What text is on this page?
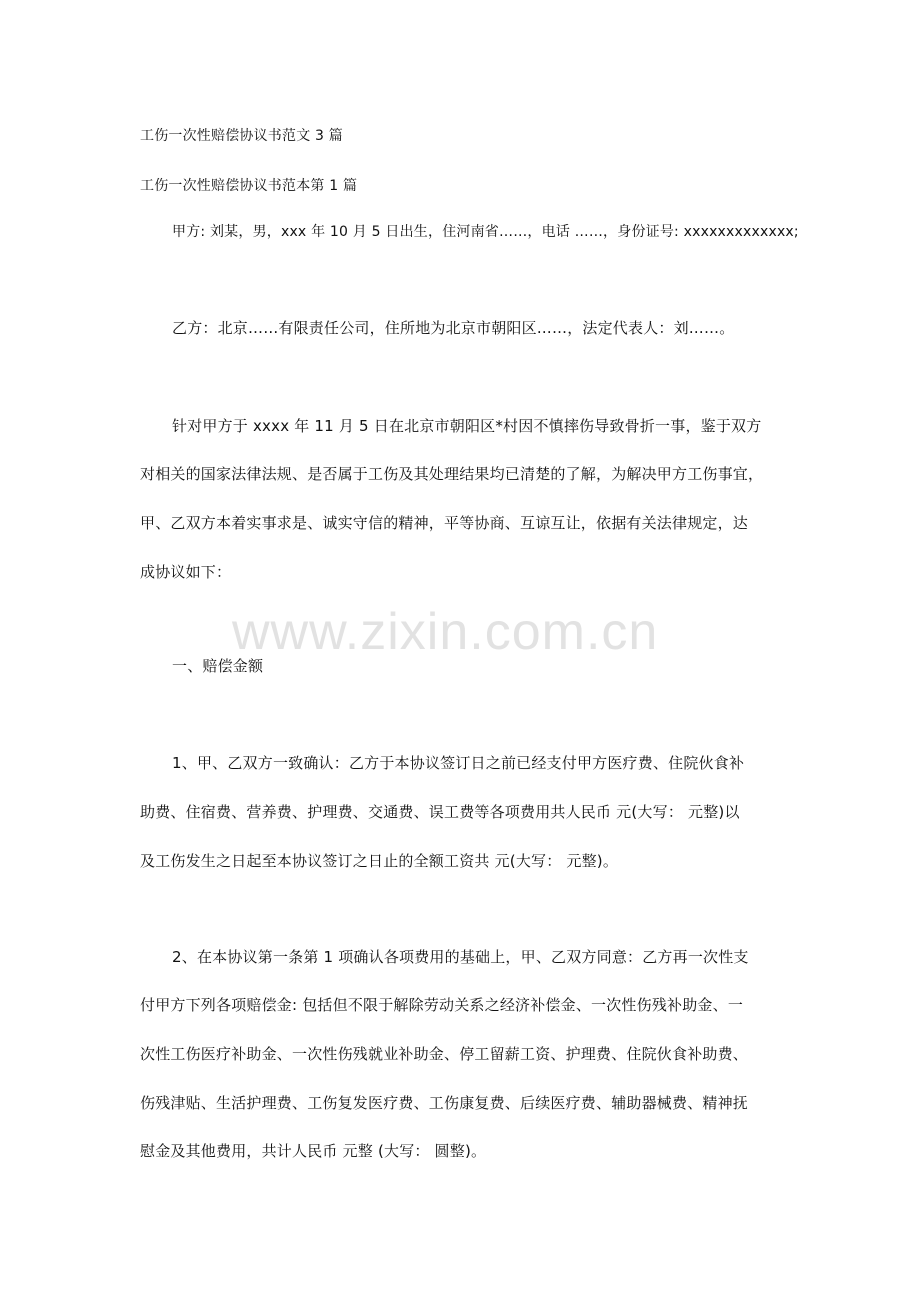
工伤一次性赔偿协议书范文 3 篇
工伤一次性赔偿协议书范本第 1 篇
甲方: 刘某，男，xxx 年 10 月 5 日出生，住河南省……，电话 ……，身份证号: xxxxxxxxxxxxx;
乙方：北京……有限责任公司，住所地为北京市朝阳区……，法定代表人：刘……。
针对甲方于 xxxx 年 11 月 5 日在北京市朝阳区*村因不慎摔伤导致骨折一事，鉴于双方
对相关的国家法律法规、是否属于工伤及其处理结果均已清楚的了解，为解决甲方工伤事宜，
甲、乙双方本着实事求是、诚实守信的精神，平等协商、互谅互让，依据有关法律规定，达
成协议如下：
www.zixin.com.cn
一、赔偿金额
1、甲、乙双方一致确认：乙方于本协议签订日之前已经支付甲方医疗费、住院伙食补
助费、住宿费、营养费、护理费、交通费、误工费等各项费用共人民币 元(大写： 元整)以
及工伤发生之日起至本协议签订之日止的全额工资共 元(大写： 元整)。
2、在本协议第一条第 1 项确认各项费用的基础上，甲、乙双方同意：乙方再一次性支
付甲方下列各项赔偿金: 包括但不限于解除劳动关系之经济补偿金、一次性伤残补助金、一
次性工伤医疗补助金、一次性伤残就业补助金、停工留薪工资、护理费、住院伙食补助费、
伤残津贴、生活护理费、工伤复发医疗费、工伤康复费、后续医疗费、辅助器械费、精神抚
慰金及其他费用，共计人民币 元整 (大写： 圆整)。
